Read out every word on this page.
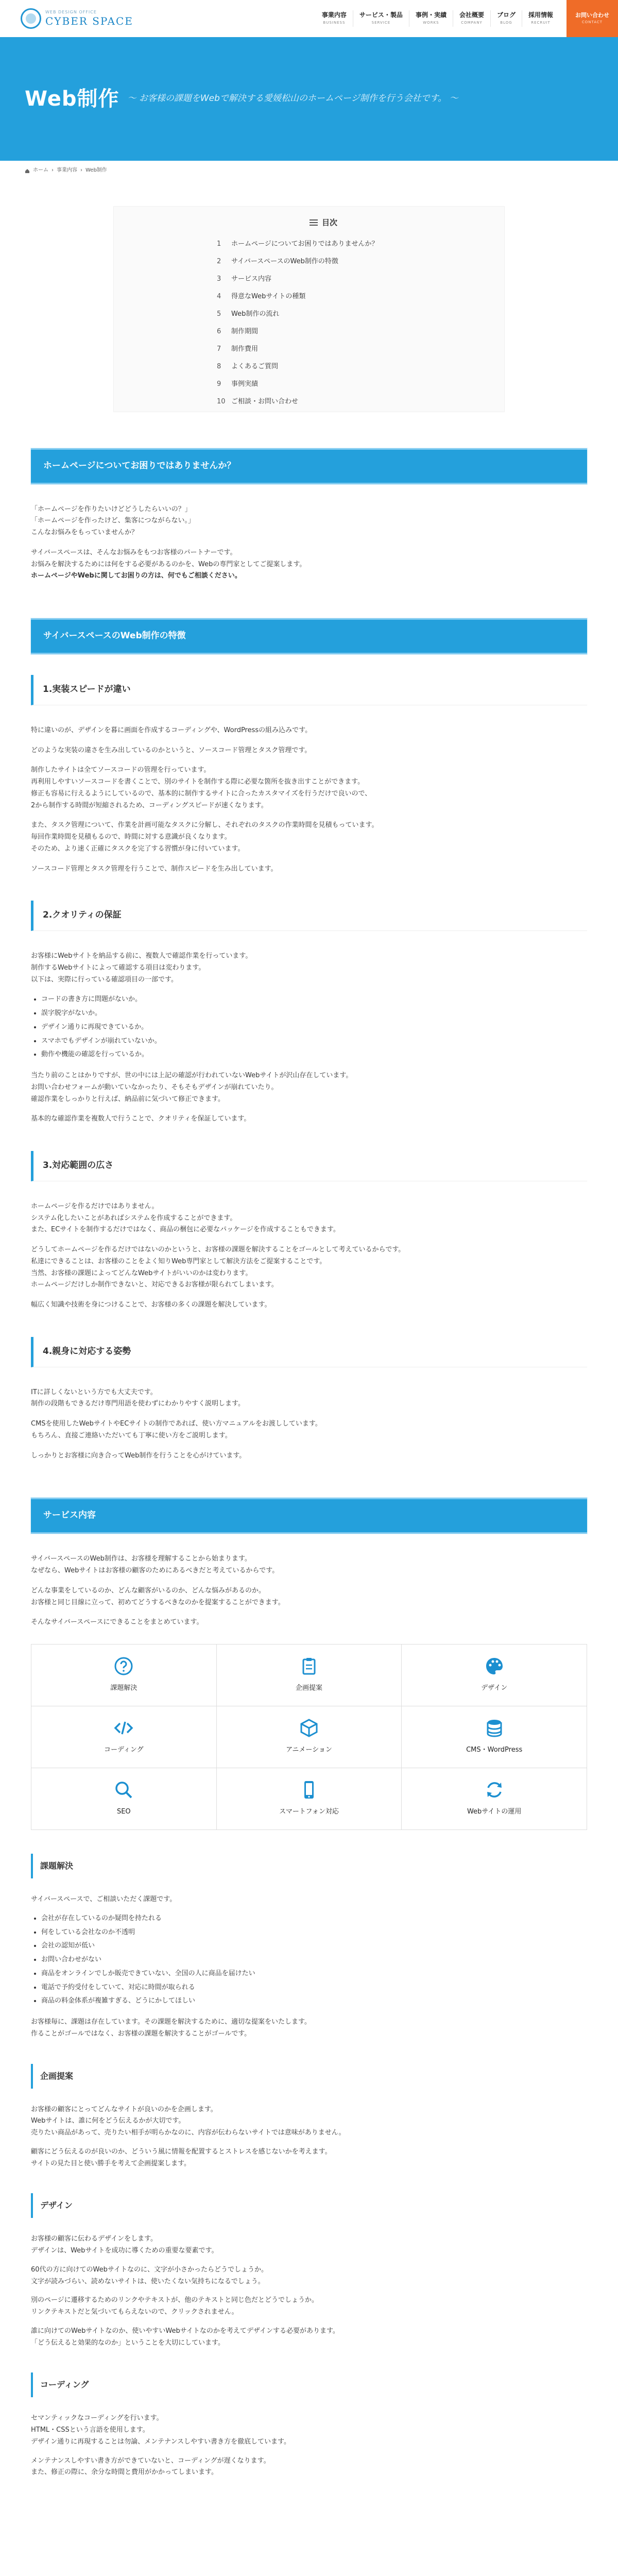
WEB DESIGN OFFICE
CYBER SPACE	事業内容
BUSINESS
サービス・製品
SERVICE
事例・実績
WORKS
会社概要
COMPANY
ブログ
BLOG
採用情報
RECRUIT
お問い合わせ
CONTACT
Web制作 ～ お客様の課題をWebで解決する愛媛松山のホームページ制作を行う会社です。 ～
ホーム › 事業内容 › Web制作
目次
1 ホームページについてお困りではありませんか？
2 サイバースペースのWeb制作の特徴
3 サービス内容
4 得意なWebサイトの種類
5 Web制作の流れ
6 制作期間
7 制作費用
8 よくあるご質問
9 事例実績
10 ご相談・お問い合わせ
ホームページについてお困りではありませんか？

「ホームページを作りたいけどどうしたらいいの？」
「ホームページを作ったけど、集客につながらない。」
こんなお悩みをもっていませんか？

サイバースペースは、そんなお悩みをもつお客様のパートナーです。
お悩みを解決するためには何をする必要があるのかを、Webの専門家としてご提案します。
ホームページやWebに関してお困りの方は、何でもご相談ください。

サイバースペースのWeb制作の特徴
1.実装スピードが違い

特に違いのが、デザインを暮に画面を作成するコーディングや、WordPressの組み込みです。

どのような実装の違さを生み出しているのかというと、ソースコード管理とタスク管理です。

制作したサイトは全てソースコードの管理を行っています。
再利用しやすいソースコードを書くことで、別のサイトを制作する際に必要な箇所を抜き出すことができます。
修正も容易に行えるようにしているので、基本的に制作するサイトに合ったカスタマイズを行うだけで良いので、
2から制作する時間が短縮されるため、コーディングスピードが速くなります。

また、タスク管理について、作業を計画可能なタスクに分解し、それぞれのタスクの作業時間を見積もっています。
毎回作業時間を見積もるので、時間に対する意識が良くなります。
そのため、より速く正確にタスクを完了する習慣が身に付いています。

ソースコード管理とタスク管理を行うことで、制作スピードを生み出しています。

2.クオリティの保証

お客様にWebサイトを納品する前に、複数人で確認作業を行っています。
制作するWebサイトによって確認する項目は変わります。
以下は、実際に行っている確認項目の一部です。

• コードの書き方に問題がないか。
• 誤字脱字がないか。
• デザイン通りに再現できているか。
• スマホでもデザインが崩れていないか。
• 動作や機能の確認を行っているか。

当たり前のことはかりですが、世の中には上記の確認が行われていないWebサイトが沢山存在しています。
お問い合わせフォームが動いていなかったり、そもそもデザインが崩れていたり。
確認作業をしっかりと行えば、納品前に気づいて修正できます。

基本的な確認作業を複数人で行うことで、クオリティを保証しています。

3.対応範囲の広さ

ホームページを作るだけではありません。
システム化したいことがあればシステムを作成することができます。
また、ECサイトを制作するだけではなく、商品の梱包に必要なパッケージを作成することもできます。

どうしてホームページを作るだけではないのかというと、お客様の課題を解決することをゴールとして考えているからです。
私達にできることは、お客様のことをよく知りWeb専門家として解決方法をご提案することです。
当然、お客様の課題によってどんなWebサイトがいいのかは変わります。
ホームページだけしか制作できないと、対応できるお客様が限られてしまいます。

幅広く知識や技術を身につけることで、お客様の多くの課題を解決しています。

4.親身に対応する姿勢

ITに詳しくないという方でも大丈夫です。
制作の段階もできるだけ専門用語を使わずにわかりやすく説明します。

CMSを使用したWebサイトやECサイトの制作であれば、使い方マニュアルをお渡ししています。
もちろん、直接ご連絡いただいても丁寧に使い方をご説明します。

しっかりとお客様に向き合ってWeb制作を行うことを心がけています。

サービス内容

サイバースペースのWeb制作は、お客様を理解することから始まります。
なぜなら、Webサイトはお客様の顧客のためにあるべきだと考えているからです。

どんな事業をしているのか、どんな顧客がいるのか、どんな悩みがあるのか。
お客様と同じ目線に立って、初めてどうするべきなのかを提案することができます。

そんなサイバースペースにできることをまとめています。

課題解決	企画提案	デザイン
コーディング	アニメーション	CMS・WordPress
SEO	スマートフォン対応	Webサイトの運用
課題解決

サイバースペースで、ご相談いただく課題です。

• 会社が存在しているのか疑問を持たれる
• 何をしている会社なのか不透明
• 会社の認知が低い
• お問い合わせがない
• 商品をオンラインでしか販売できていない、全国の人に商品を届けたい
• 電話で予約受付をしていて、対応に時間が取られる
• 商品の料金体系が複雑すぎる、どうにかしてほしい

お客様毎に、課題は存在しています。その課題を解決するために、適切な提案をいたします。
作ることがゴールではなく、お客様の課題を解決することがゴールです。

企画提案

お客様の顧客にとってどんなサイトが良いのかを企画します。
Webサイトは、誰に何をどう伝えるかが大切です。
売りたい商品があって、売りたい相手が明らかなのに、内容が伝わらないサイトでは意味がありません。

顧客にどう伝えるのが良いのか、どういう風に情報を配置するとストレスを感じないかを考えます。
サイトの見た目と使い勝手を考えて企画提案します。

デザイン

お客様の顧客に伝わるデザインをします。
デザインは、Webサイトを成功に導くための重要な要素です。

60代の方に向けてのWebサイトなのに、文字が小さかったらどうでしょうか。
文字が読みづらい、読めないサイトは、使いたくない気持ちになるでしょう。

別のページに遷移するためのリンクやテキストが、他のテキストと同じ色だとどうでしょうか。
リンクテキストだと気づいてもらえないので、クリックされません。

誰に向けてのWebサイトなのか、使いやすいWebサイトなのかを考えてデザインする必要があります。
「どう伝えると効果的なのか」ということを大切にしています。

コーディング

セマンティックなコーディングを行います。
HTML・CSSという言語を使用します。
デザイン通りに再現することは勿論、メンテナンスしやすい書き方を徹底しています。

メンテナンスしやすい書き方ができていないと、コーディングが遅くなります。
また、修正の際に、余分な時間と費用がかかってしまいます。
